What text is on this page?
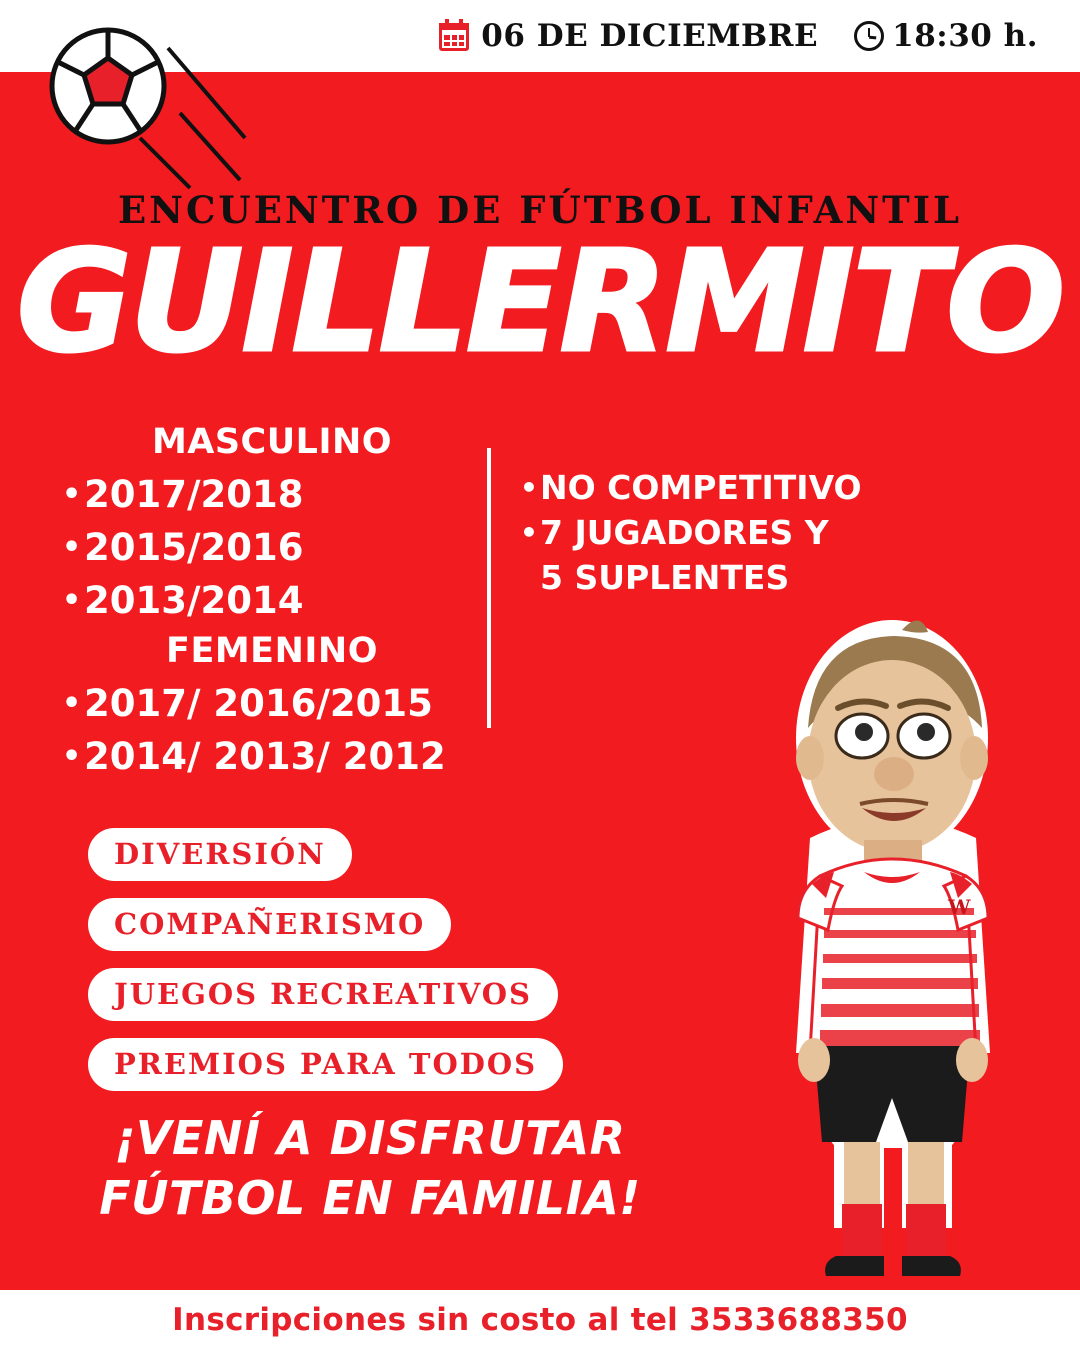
06 DE DICIEMBRE 18:30 h.
ENCUENTRO DE FÚTBOL INFANTIL
GUILLERMITO
MASCULINO
• 2017/2018
• 2015/2016
• 2013/2014
FEMENINO
• 2017/ 2016/2015
• 2014/ 2013/ 2012
• NO COMPETITIVO
• 7 JUGADORES Y
5 SUPLENTES
DIVERSIÓN
COMPAÑERISMO
JUEGOS RECREATIVOS
PREMIOS PARA TODOS
¡VENÍ A DISFRUTAR FÚTBOL EN FAMILIA!
W
Inscripciones sin costo al tel 3533688350
